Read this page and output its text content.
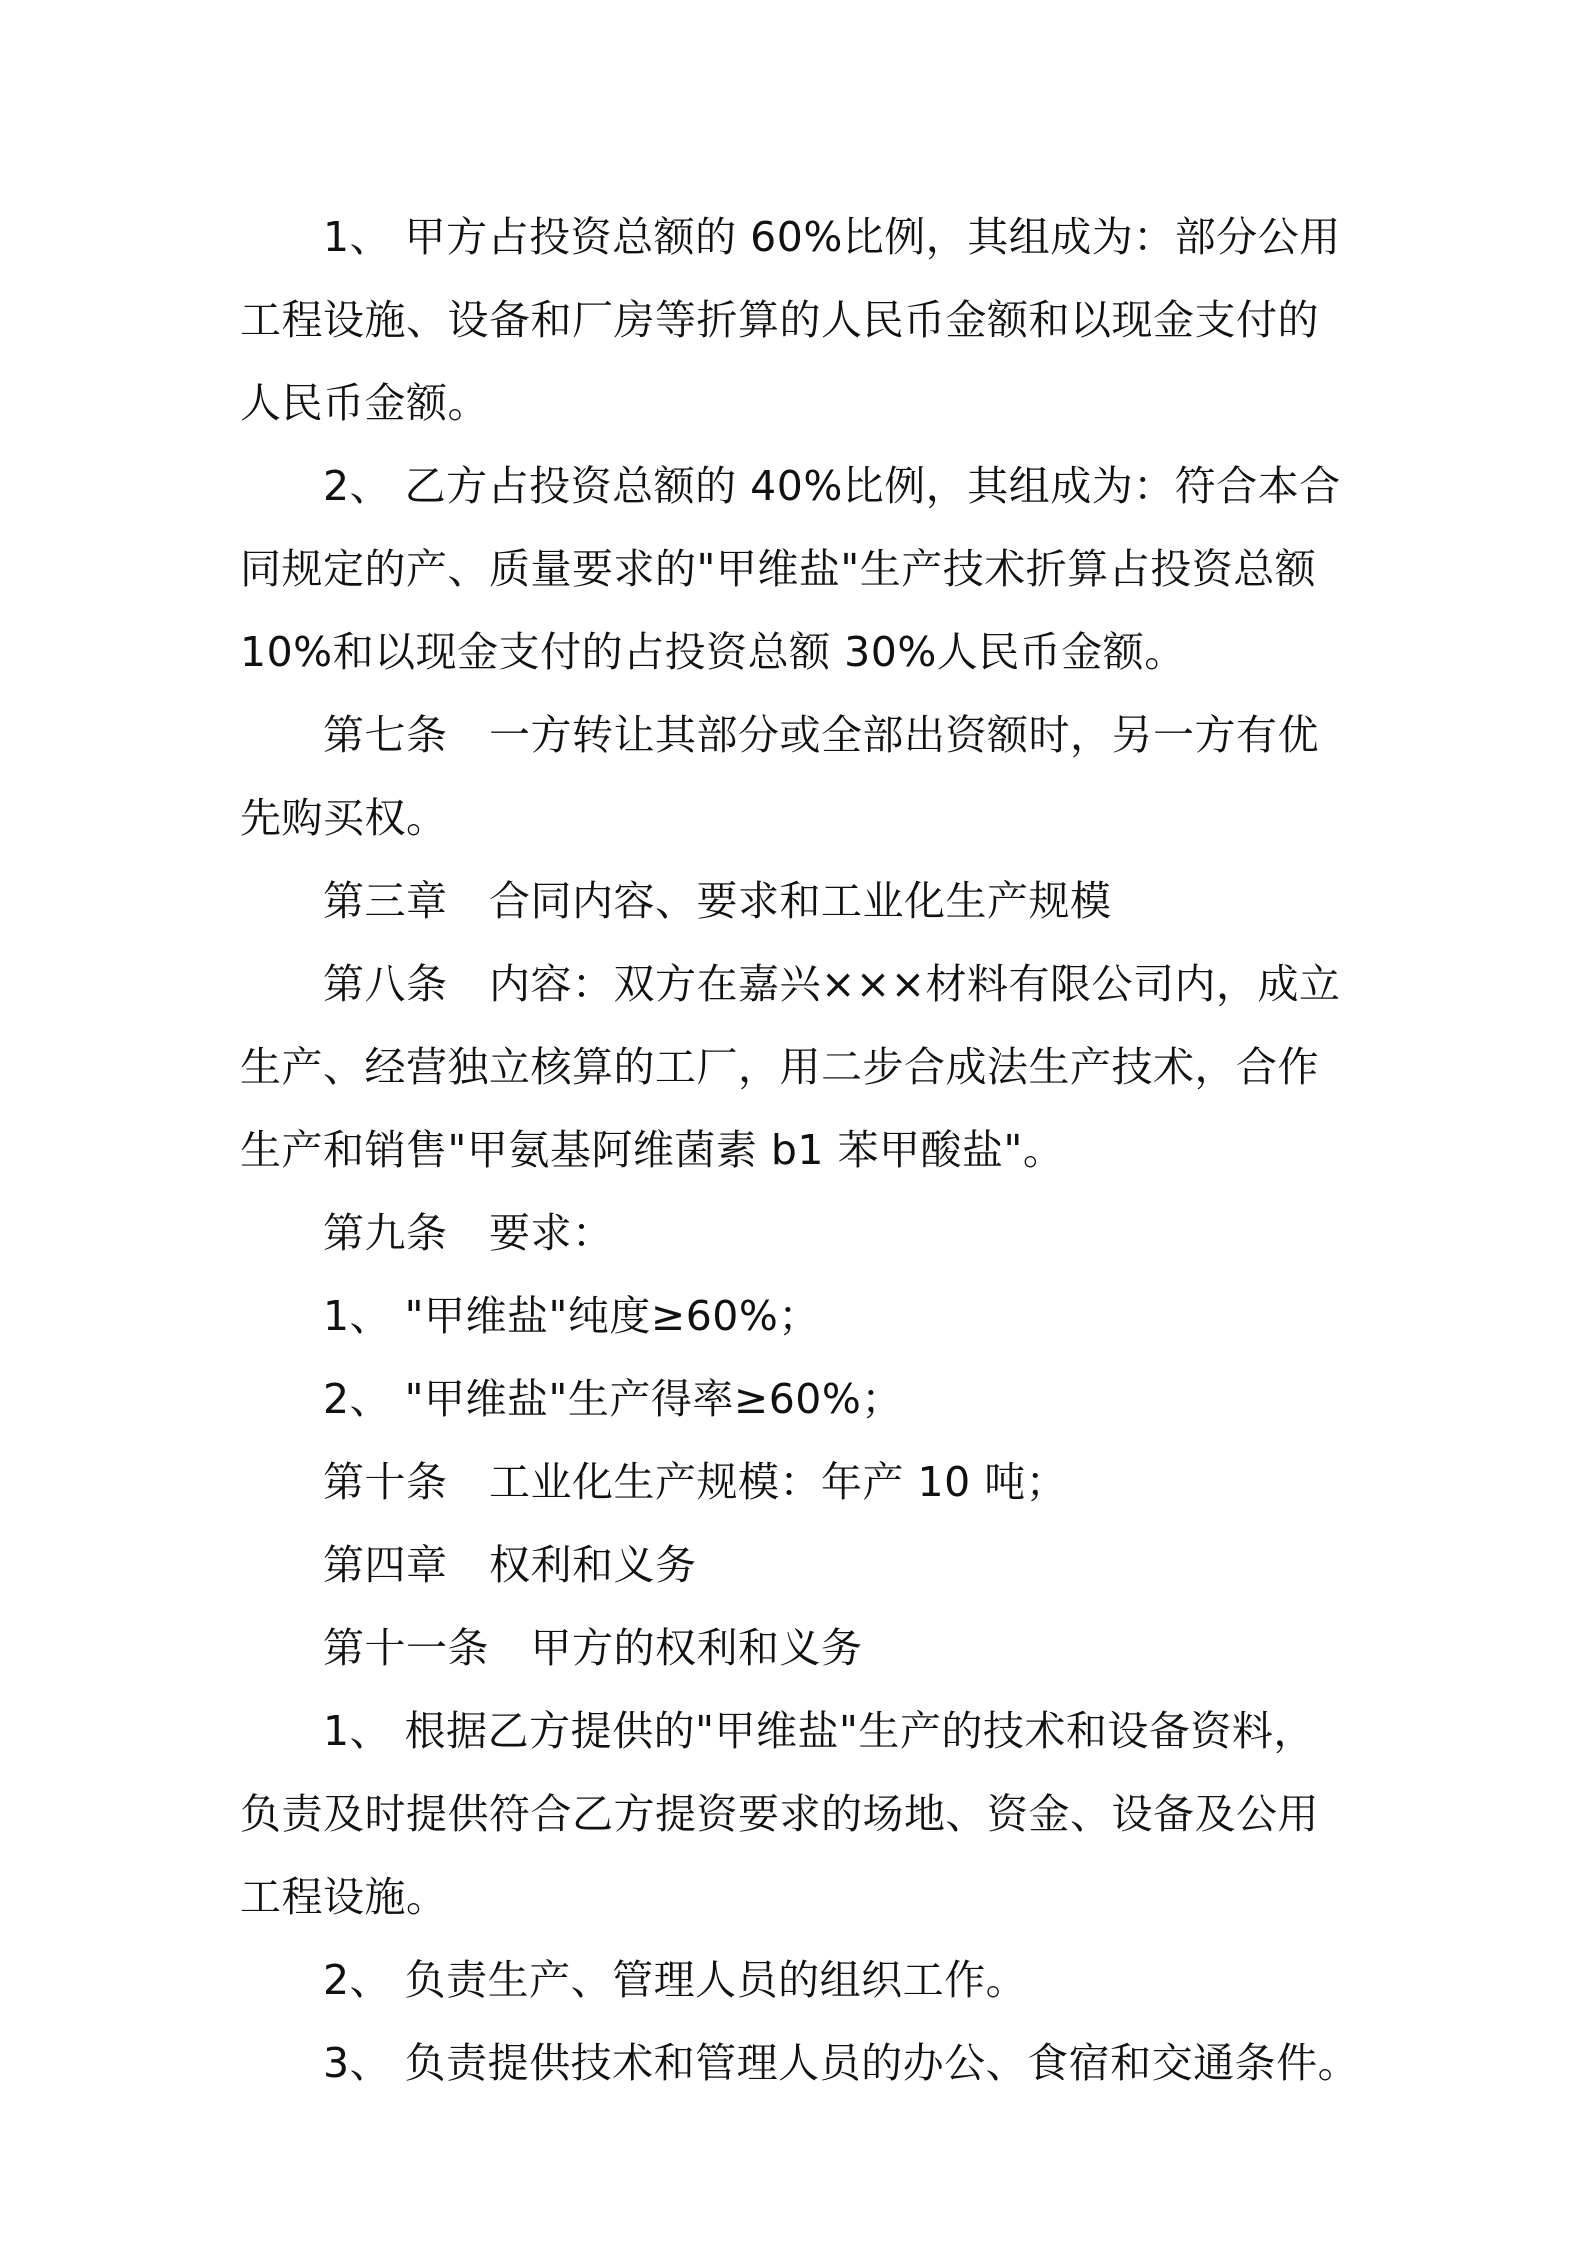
1、 甲方占投资总额的 60%比例，其组成为：部分公用工程设施、设备和厂房等折算的人民币金额和以现金支付的人民币金额。

2、 乙方占投资总额的 40%比例，其组成为：符合本合同规定的产、质量要求的"甲维盐"生产技术折算占投资总额 10%和以现金支付的占投资总额 30%人民币金额。

第七条　一方转让其部分或全部出资额时，另一方有优先购买权。

第三章　合同内容、要求和工业化生产规模

第八条　内容：双方在嘉兴×××材料有限公司内，成立生产、经营独立核算的工厂，用二步合成法生产技术，合作生产和销售"甲氨基阿维菌素 b1 苯甲酸盐"。

第九条　要求：

1、 "甲维盐"纯度≥60%；

2、 "甲维盐"生产得率≥60%；

第十条　工业化生产规模：年产 10 吨；

第四章　权利和义务

第十一条　甲方的权利和义务

1、 根据乙方提供的"甲维盐"生产的技术和设备资料，负责及时提供符合乙方提资要求的场地、资金、设备及公用工程设施。

2、 负责生产、管理人员的组织工作。

3、 负责提供技术和管理人员的办公、食宿和交通条件。
